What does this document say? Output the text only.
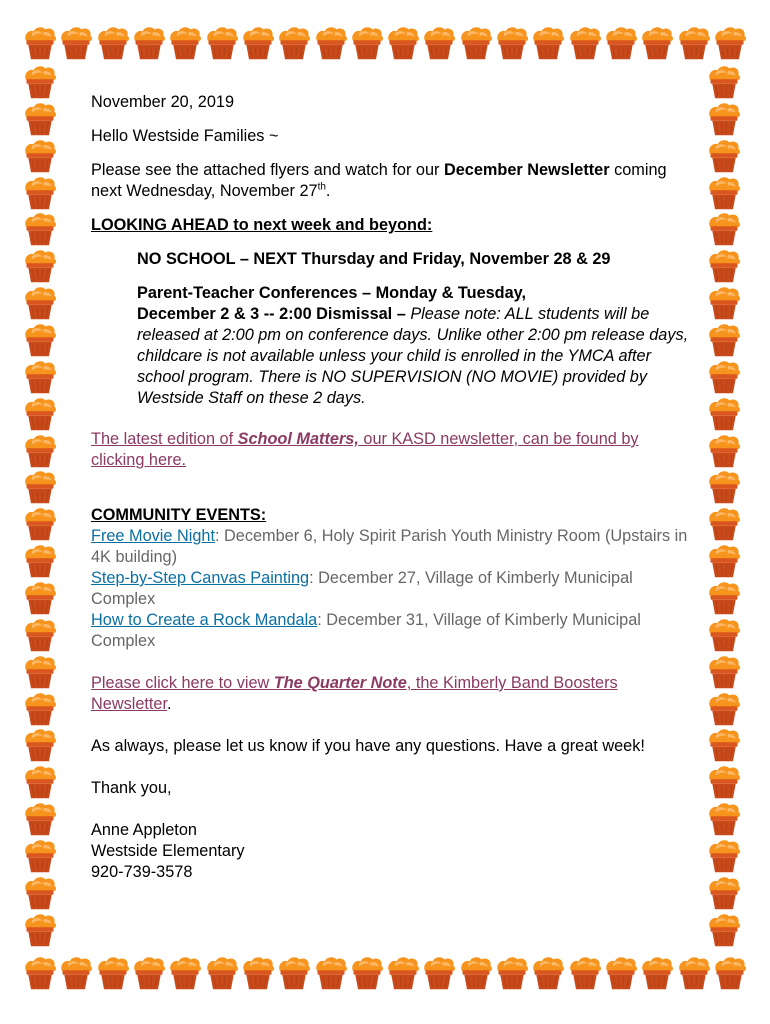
November 20, 2019

Hello Westside Families ~

Please see the attached flyers and watch for our December Newsletter coming next Wednesday, November 27th.

LOOKING AHEAD to next week and beyond:

NO SCHOOL – NEXT Thursday and Friday, November 28 & 29

Parent-Teacher Conferences – Monday & Tuesday,
December 2 & 3 -- 2:00 Dismissal – Please note: ALL students will be released at 2:00 pm on conference days. Unlike other 2:00 pm release days, childcare is not available unless your child is enrolled in the YMCA after school program. There is NO SUPERVISION (NO MOVIE) provided by Westside Staff on these 2 days.

The latest edition of School Matters, our KASD newsletter, can be found by clicking here.

COMMUNITY EVENTS:

Free Movie Night: December 6, Holy Spirit Parish Youth Ministry Room (Upstairs in 4K building)

Step-by-Step Canvas Painting: December 27, Village of Kimberly Municipal Complex

How to Create a Rock Mandala: December 31, Village of Kimberly Municipal Complex

Please click here to view The Quarter Note, the Kimberly Band Boosters Newsletter.

As always, please let us know if you have any questions. Have a great week!

Thank you,

Anne Appleton

Westside Elementary

920-739-3578
